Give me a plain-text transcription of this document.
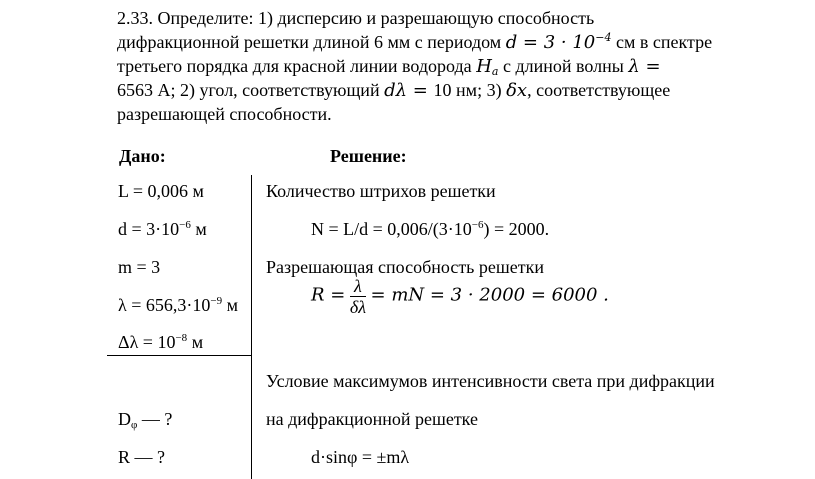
2.33. Определите: 1) дисперсию и разрешающую способность
дифракционной решетки длиной 6 мм с периодом $d = 3 \cdot 10^{-4}$ см в спектре
третьего порядка для красной линии водорода $H_a$ с длиной волны λ =
6563 А; 2) угол, соответствующий dλ = 10 нм; 3) δx, соответствующее
разрешающей способности.
Дано:	Решение:
L = 0,006 м
$d = 3\cdot 10^{-6}$ м
m = 3
$\lambda = 656,3\cdot 10^{-9}$ м
$\Delta\lambda = 10^{-8}$ м
$D_\varphi$ — ?
R — ?
Количество штрихов решетки
$N = L/d = 0,006/(3\cdot 10^{-6}) = 2000$.
Разрешающая способность решетки
$R = \frac{\lambda}{\delta\lambda}$ = mN = 3 · 2000 = 6000 .
Условие максимумов интенсивности света при дифракции
на дифракционной решетке
d·sinφ = ±mλ
